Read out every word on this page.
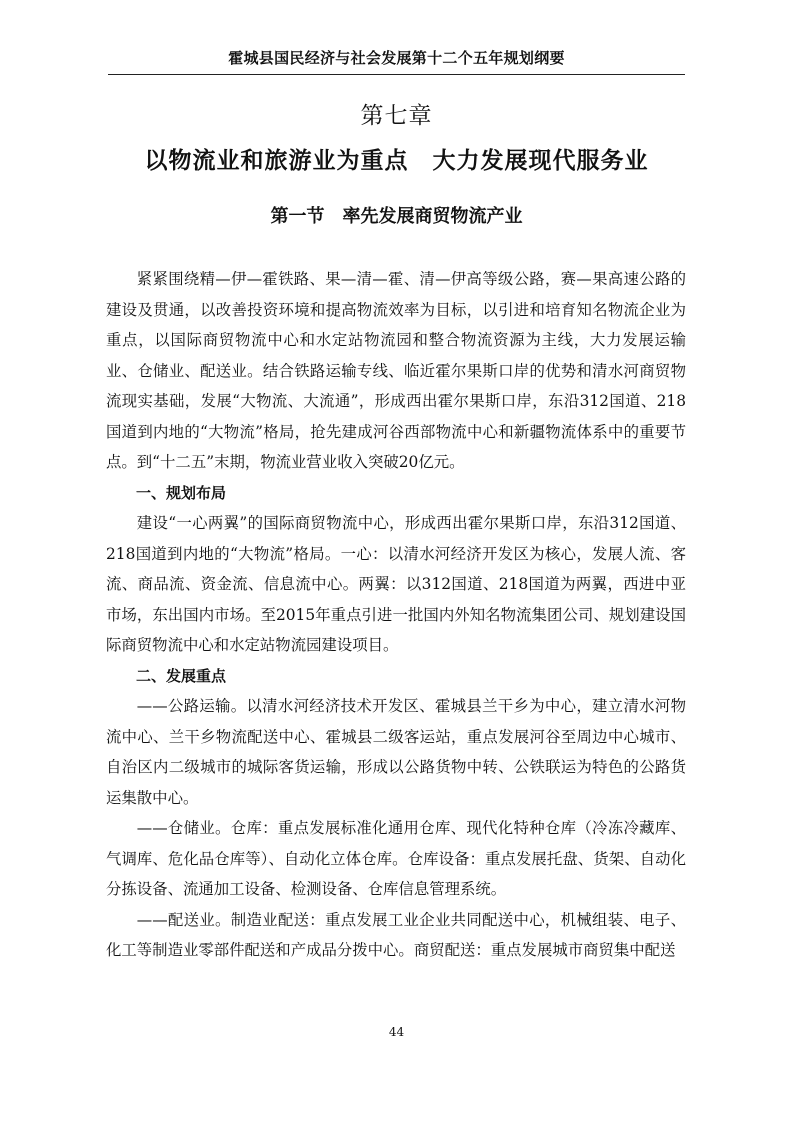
霍城县国民经济与社会发展第十二个五年规划纲要
第七章
以物流业和旅游业为重点　大力发展现代服务业
第一节　率先发展商贸物流产业

紧紧围绕精—伊—霍铁路、果—清—霍、清—伊高等级公路，赛—果高速公路的建设及贯通，以改善投资环境和提高物流效率为目标，以引进和培育知名物流企业为重点，以国际商贸物流中心和水定站物流园和整合物流资源为主线，大力发展运输业、仓储业、配送业。结合铁路运输专线、临近霍尔果斯口岸的优势和清水河商贸物流现实基础，发展“大物流、大流通”，形成西出霍尔果斯口岸，东沿312国道、218国道到内地的“大物流”格局，抢先建成河谷西部物流中心和新疆物流体系中的重要节点。到“十二五”末期，物流业营业收入突破20亿元。

一、规划布局

建设“一心两翼”的国际商贸物流中心，形成西出霍尔果斯口岸，东沿312国道、218国道到内地的“大物流”格局。一心：以清水河经济开发区为核心，发展人流、客流、商品流、资金流、信息流中心。两翼：以312国道、218国道为两翼，西进中亚市场，东出国内市场。至2015年重点引进一批国内外知名物流集团公司、规划建设国际商贸物流中心和水定站物流园建设项目。

二、发展重点

——公路运输。以清水河经济技术开发区、霍城县兰干乡为中心，建立清水河物流中心、兰干乡物流配送中心、霍城县二级客运站，重点发展河谷至周边中心城市、自治区内二级城市的城际客货运输，形成以公路货物中转、公铁联运为特色的公路货运集散中心。

——仓储业。仓库：重点发展标准化通用仓库、现代化特种仓库（冷冻冷藏库、气调库、危化品仓库等）、自动化立体仓库。仓库设备：重点发展托盘、货架、自动化分拣设备、流通加工设备、检测设备、仓库信息管理系统。

——配送业。制造业配送：重点发展工业企业共同配送中心，机械组装、电子、化工等制造业零部件配送和产成品分拨中心。商贸配送：重点发展城市商贸集中配送

44
